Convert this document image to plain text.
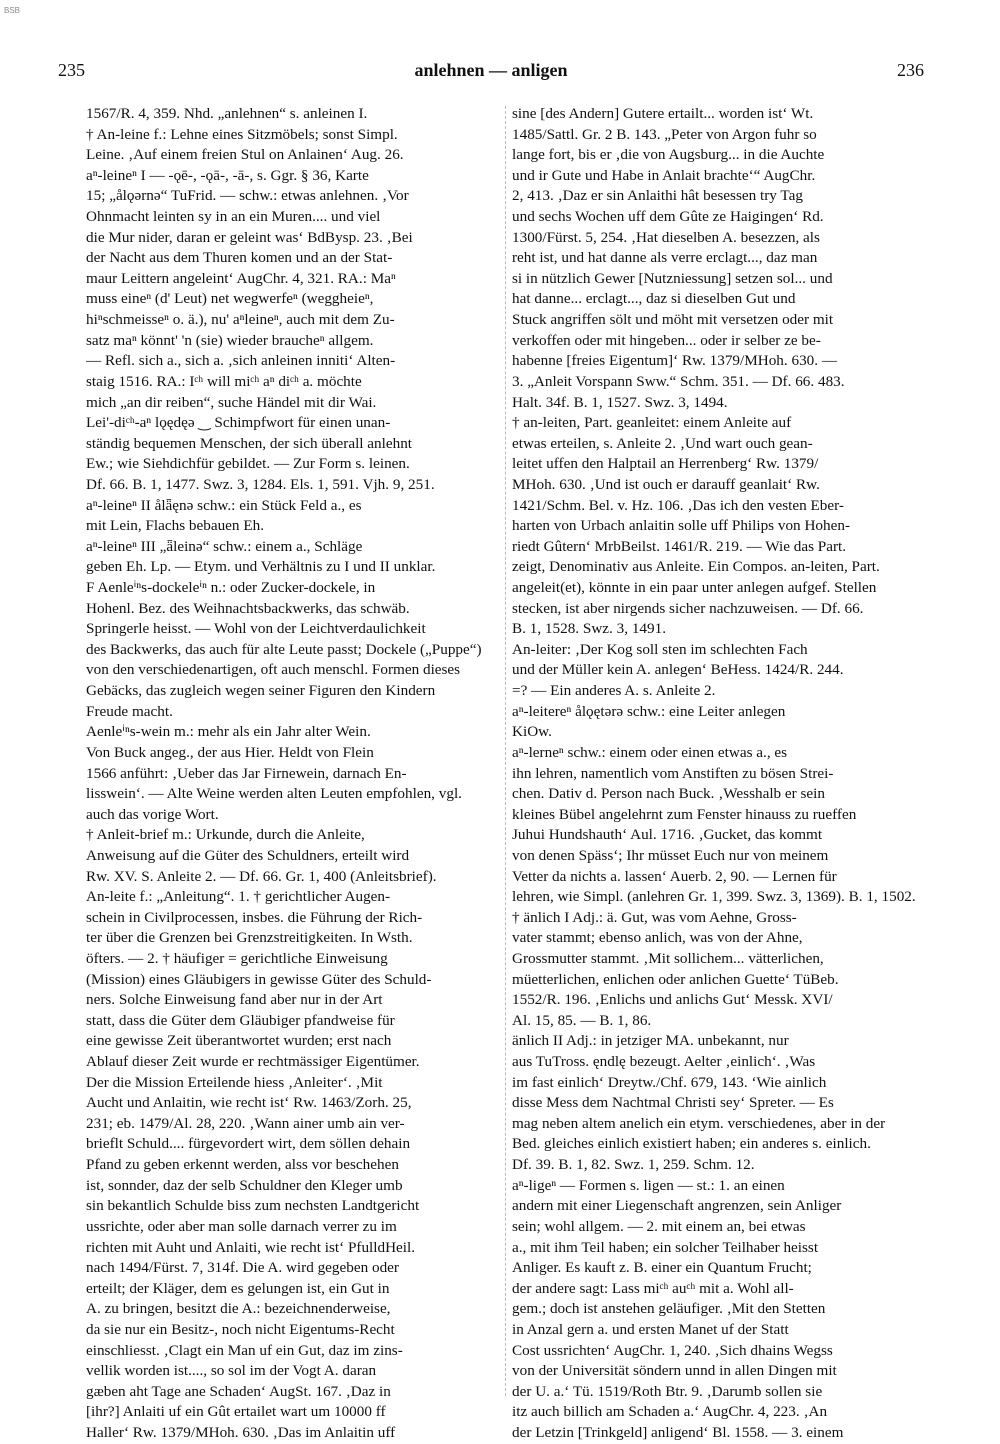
BSB
235	anlehnen — anligen	236
1567/R. 4, 359. Nhd. „anlehnen“ s. anleinen I.
† An-leine f.: Lehne eines Sitzmöbels; sonst Simpl.
Leine. ‚Auf einem freien Stul on Anlainen‘ Aug. 26.
aⁿ-leineⁿ I — -ǫē-, -ǫā-, -ā-, s. Ggr. § 36, Karte
15; „ålǫǝrnǝ“ TuFrid. — schw.: etwas anlehnen. ‚Vor
Ohnmacht leinten sy in an ein Muren.... und viel
die Mur nider, daran er geleint was‘ BdBysp. 23. ‚Bei
der Nacht aus dem Thuren komen und an der Stat-
maur Leittern angeleint‘ AugChr. 4, 321. RA.: Maⁿ
muss eineⁿ (d' Leut) net wegwerfeⁿ (weggheieⁿ,
hiⁿschmeisseⁿ o. ä.), nu' aⁿleineⁿ, auch mit dem Zu-
satz maⁿ könnt' 'n (sie) wieder braucheⁿ allgem.
— Refl. sich a., sich a. ‚sich anleinen inniti‘ Alten-
staig 1516. RA.: Iᶜʰ will miᶜʰ aⁿ diᶜʰ a. möchte
mich „an dir reiben“, suche Händel mit dir Wai.
Lei'-diᶜʰ-aⁿ lǫędęǝ ‿ Schimpfwort für einen unan-
ständig bequemen Menschen, der sich überall anlehnt
Ew.; wie Siehdichfür gebildet. — Zur Form s. leinen.
Df. 66. B. 1, 1477. Swz. 3, 1284. Els. 1, 591. Vjh. 9, 251.
aⁿ-leineⁿ II ålǟęnǝ schw.: ein Stück Feld a., es
mit Lein, Flachs bebauen Eh.
aⁿ-leineⁿ III „ǟleinǝ“ schw.: einem a., Schläge
geben Eh. Lp. — Etym. und Verhältnis zu I und II unklar.
F Aenleⁱⁿs-dockeleⁱⁿ n.: oder Zucker-dockele, in
Hohenl. Bez. des Weihnachtsbackwerks, das schwäb.
Springerle heisst. — Wohl von der Leichtverdaulichkeit
des Backwerks, das auch für alte Leute passt; Dockele („Puppe“)
von den verschiedenartigen, oft auch menschl. Formen dieses
Gebäcks, das zugleich wegen seiner Figuren den Kindern
Freude macht.
Aenleⁱⁿs-wein m.: mehr als ein Jahr alter Wein.
Von Buck angeg., der aus Hier. Heldt von Flein
1566 anführt: ‚Ueber das Jar Firnewein, darnach En-
lisswein‘. — Alte Weine werden alten Leuten empfohlen, vgl.
auch das vorige Wort.
† Anleit-brief m.: Urkunde, durch die Anleite,
Anweisung auf die Güter des Schuldners, erteilt wird
Rw. XV. S. Anleite 2. — Df. 66. Gr. 1, 400 (Anleitsbrief).
An-leite f.: „Anleitung“. 1. † gerichtlicher Augen-
schein in Civilprocessen, insbes. die Führung der Rich-
ter über die Grenzen bei Grenzstreitigkeiten. In Wsth.
öfters. — 2. † häufiger = gerichtliche Einweisung
(Mission) eines Gläubigers in gewisse Güter des Schuld-
ners. Solche Einweisung fand aber nur in der Art
statt, dass die Güter dem Gläubiger pfandweise für
eine gewisse Zeit überantwortet wurden; erst nach
Ablauf dieser Zeit wurde er rechtmässiger Eigentümer.
Der die Mission Erteilende hiess ‚Anleiter‘. ‚Mit
Aucht und Anlaitin, wie recht ist‘ Rw. 1463/Zorh. 25,
231; eb. 1479/Al. 28, 220. ‚Wann ainer umb ain ver-
brieflt Schuld.... fürgevordert wirt, dem söllen dehain
Pfand zu geben erkennt werden, alss vor beschehen
ist, sonnder, daz der selb Schuldner den Kleger umb
sin bekantlich Schulde biss zum nechsten Landtgericht
ussrichte, oder aber man solle darnach verrer zu im
richten mit Auht und Anlaiti, wie recht ist‘ PfulldHeil.
nach 1494/Fürst. 7, 314f. Die A. wird gegeben oder
erteilt; der Kläger, dem es gelungen ist, ein Gut in
A. zu bringen, besitzt die A.: bezeichnenderweise,
da sie nur ein Besitz-, noch nicht Eigentums-Recht
einschliesst. ‚Clagt ein Man uf ein Gut, daz im zins-
vellik worden ist...., so sol im der Vogt A. daran
gæben aht Tage ane Schaden‘ AugSt. 167. ‚Daz in
[ihr?] Anlaiti uf ein Gût ertailet wart um 10000 ff
Haller‘ Rw. 1379/MHoh. 630. ‚Das im Anlaitin uff
sine [des Andern] Gutere ertailt... worden ist‘ Wt.
1485/Sattl. Gr. 2 B. 143. „Peter von Argon fuhr so
lange fort, bis er ‚die von Augsburg... in die Auchte
und ir Gute und Habe in Anlait brachte‘“ AugChr.
2, 413. ‚Daz er sin Anlaithi hât besessen try Tag
und sechs Wochen uff dem Gûte ze Haigingen‘ Rd.
1300/Fürst. 5, 254. ‚Hat dieselben A. besezzen, als
reht ist, und hat danne als verre erclagt..., daz man
si in nützlich Gewer [Nutzniessung] setzen sol... und
hat danne... erclagt..., daz si dieselben Gut und
Stuck angriffen sölt und möht mit versetzen oder mit
verkoffen oder mit hingeben... oder ir selber ze be-
habenne [freies Eigentum]‘ Rw. 1379/MHoh. 630. —
3. „Anleit Vorspann Sww.“ Schm. 351. — Df. 66. 483.
Halt. 34f. B. 1, 1527. Swz. 3, 1494.
† an-leiten, Part. geanleitet: einem Anleite auf
etwas erteilen, s. Anleite 2. ‚Und wart ouch gean-
leitet uffen den Halptail an Herrenberg‘ Rw. 1379/
MHoh. 630. ‚Und ist ouch er darauff geanlait‘ Rw.
1421/Schm. Bel. v. Hz. 106. ‚Das ich den vesten Eber-
harten von Urbach anlaitin solle uff Philips von Hohen-
riedt Gûtern‘ MrbBeilst. 1461/R. 219. — Wie das Part.
zeigt, Denominativ aus Anleite. Ein Compos. an-leiten, Part.
angeleit(et), könnte in ein paar unter anlegen aufgef. Stellen
stecken, ist aber nirgends sicher nachzuweisen. — Df. 66.
B. 1, 1528. Swz. 3, 1491.
An-leiter: ‚Der Kog soll sten im schlechten Fach
und der Müller kein A. anlegen‘ BeHess. 1424/R. 244.
=? — Ein anderes A. s. Anleite 2.
aⁿ-leitereⁿ ålǫętǝrǝ schw.: eine Leiter anlegen
KiOw.
aⁿ-lerneⁿ schw.: einem oder einen etwas a., es
ihn lehren, namentlich vom Anstiften zu bösen Strei-
chen. Dativ d. Person nach Buck. ‚Wesshalb er sein
kleines Bübel angelehrnt zum Fenster hinauss zu rueffen
Juhui Hundshauth‘ Aul. 1716. ‚Gucket, das kommt
von denen Späss‘; Ihr müsset Euch nur von meinem
Vetter da nichts a. lassen‘ Auerb. 2, 90. — Lernen für
lehren, wie Simpl. (anlehren Gr. 1, 399. Swz. 3, 1369). B. 1, 1502.
† änlich I Adj.: ä. Gut, was vom Aehne, Gross-
vater stammt; ebenso anlich, was von der Ahne,
Grossmutter stammt. ‚Mit sollichem... vätterlichen,
müetterlichen, enlichen oder anlichen Guette‘ TüBeb.
1552/R. 196. ‚Enlichs und anlichs Gut‘ Messk. XVI/
Al. 15, 85. — B. 1, 86.
änlich II Adj.: in jetziger MA. unbekannt, nur
aus TuTross. ęndlę bezeugt. Aelter ‚einlich‘. ‚Was
im fast einlich‘ Dreytw./Chf. 679, 143. ‘Wie ainlich
disse Mess dem Nachtmal Christi sey‘ Spreter. — Es
mag neben altem anelich ein etym. verschiedenes, aber in der
Bed. gleiches einlich existiert haben; ein anderes s. einlich.
Df. 39. B. 1, 82. Swz. 1, 259. Schm. 12.
aⁿ-ligeⁿ — Formen s. ligen — st.: 1. an einen
andern mit einer Liegenschaft angrenzen, sein Anliger
sein; wohl allgem. — 2. mit einem an, bei etwas
a., mit ihm Teil haben; ein solcher Teilhaber heisst
Anliger. Es kauft z. B. einer ein Quantum Frucht;
der andere sagt: Lass miᶜʰ auᶜʰ mit a. Wohl all-
gem.; doch ist anstehen geläufiger. ‚Mit den Stetten
in Anzal gern a. und ersten Manet uf der Statt
Cost ussrichten‘ AugChr. 1, 240. ‚Sich dhains Wegss
von der Universität söndern unnd in allen Dingen mit
der U. a.‘ Tü. 1519/Roth Btr. 9. ‚Darumb sollen sie
itz auch billich am Schaden a.‘ AugChr. 4, 223. ‚An
der Letzin [Trinkgeld] anligend‘ Bl. 1558. — 3. einem
